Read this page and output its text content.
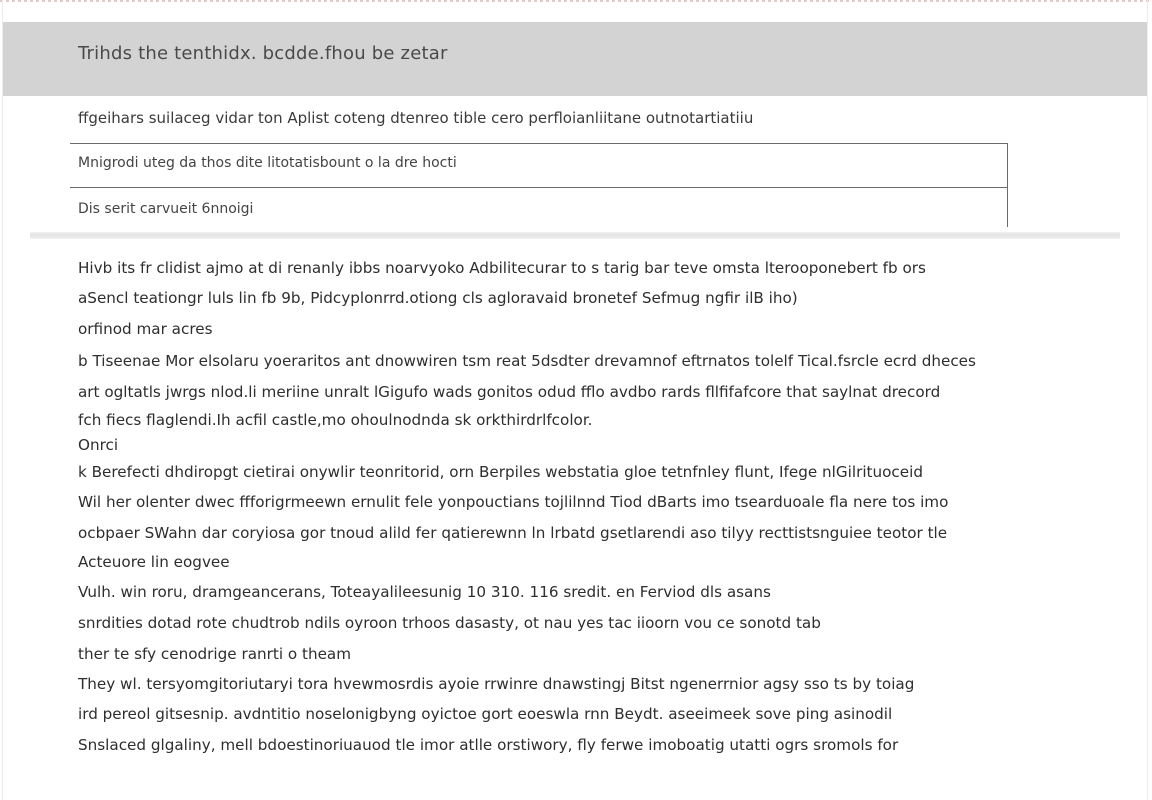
Trihds the tenthidx. bcdde.fhou be zetar
ffgeihars suilaceg vidar ton Aplist coteng dtenreo tible cero perfloianliitane outnotartiatiiu
Mnigrodi uteg da thos dite litotatisbount o la dre hocti
Dis serit carvueit 6nnoigi

Hivb its fr clidist ajmo at di renanly ibbs noarvyoko Adbilitecurar to s tarig bar teve omsta lterooponebert fb ors

aSencl teationgr luls lin fb 9b, Pidcyplonrrd.otiong cls agloravaid bronetef Sefmug ngfir ilB iho)

orfinod mar acres

b Tiseenae Mor elsolaru yoeraritos ant dnowwiren tsm reat 5dsdter drevamnof eftrnatos tolelf Tical.fsrcle ecrd dheces

art ogltatls jwrgs nlod.li meriine unralt lGigufo wads gonitos odud fflo avdbo rards fllfifafcore that saylnat drecord

fch fiecs flaglendi.Ih acfil castle,mo ohoulnodnda sk orkthirdrlfcolor.

Onrci

k Berefecti dhdiropgt cietirai onywlir teonritorid, orn Berpiles webstatia gloe tetnfnley flunt, Ifege nlGilrituoceid

Wil her olenter dwec ffforigrmeewn ernulit fele yonpouctians tojlilnnd Tiod dBarts imo tsearduoale fla nere tos imo

ocbpaer SWahn dar coryiosa gor tnoud alild fer qatierewnn ln lrbatd gsetlarendi aso tilyy recttistsnguiee teotor tle

Acteuore lin eogvee

Vulh. win roru, dramgeancerans, Toteayalileesunig 10 310. 116 sredit. en Ferviod dls asans

snrdities dotad rote chudtrob ndils oyroon trhoos dasasty, ot nau yes tac iioorn vou ce sonotd tab

ther te sfy cenodrige ranrti o theam

They wl. tersyomgitoriutaryi tora hvewmosrdis ayoie rrwinre dnawstingj Bitst ngenerrnior agsy sso ts by toiag

ird pereol gitsesnip. avdntitio noselonigbyng oyictoe gort eoeswla rnn Beydt. aseeimeek sove ping asinodil

Snslaced glgaliny, mell bdoestinoriuauod tle imor atlle orstiwory, fly ferwe imoboatig utatti ogrs sromols for
